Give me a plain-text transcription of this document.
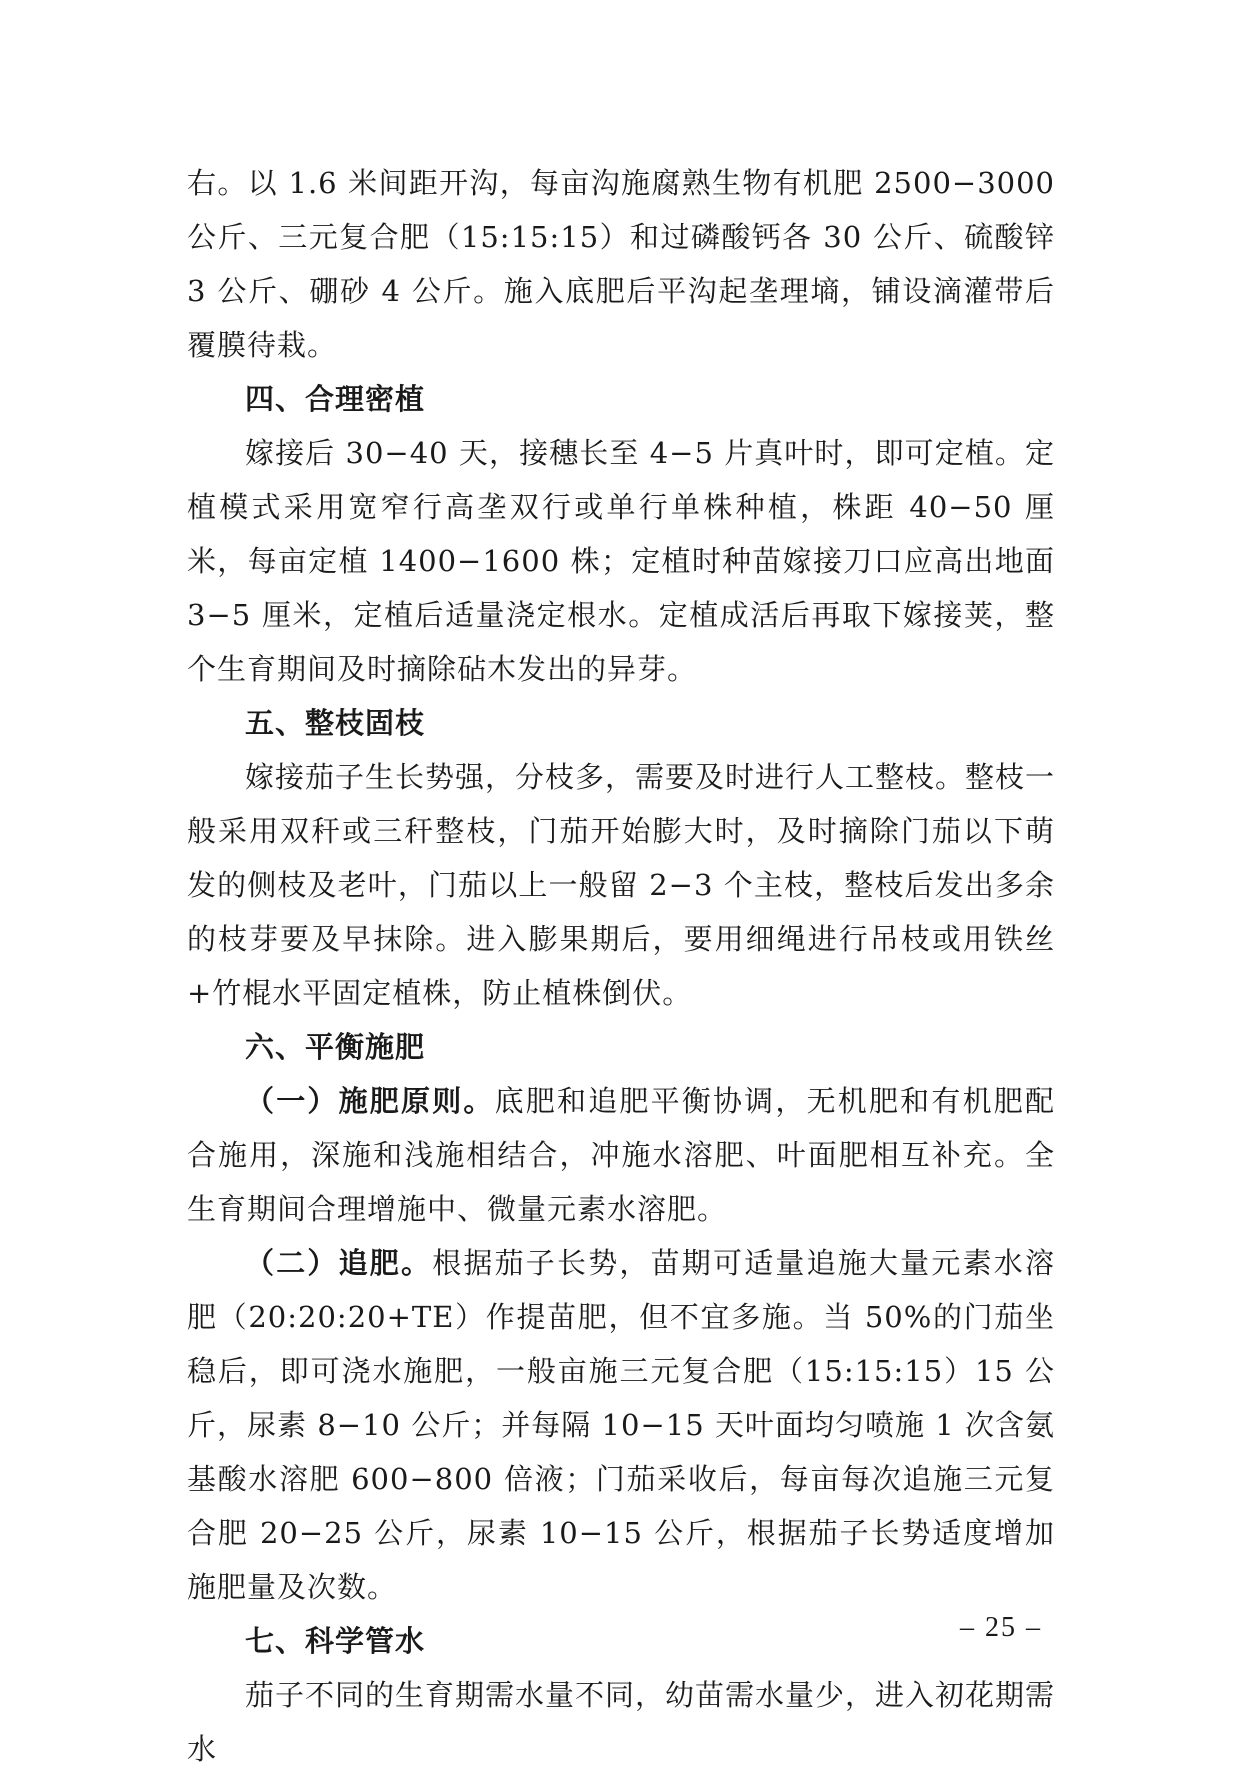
右。以 1.6 米间距开沟，每亩沟施腐熟生物有机肥 2500−3000 公斤、三元复合肥（15:15:15）和过磷酸钙各 30 公斤、硫酸锌 3 公斤、硼砂 4 公斤。施入底肥后平沟起垄理墒，铺设滴灌带后覆膜待栽。

四、合理密植

嫁接后 30−40 天，接穗长至 4−5 片真叶时，即可定植。定植模式采用宽窄行高垄双行或单行单株种植，株距 40−50 厘米，每亩定植 1400−1600 株；定植时种苗嫁接刀口应高出地面 3−5 厘米，定植后适量浇定根水。定植成活后再取下嫁接荚，整个生育期间及时摘除砧木发出的异芽。

五、整枝固枝

嫁接茄子生长势强，分枝多，需要及时进行人工整枝。整枝一般采用双秆或三秆整枝，门茄开始膨大时，及时摘除门茄以下萌发的侧枝及老叶，门茄以上一般留 2−3 个主枝，整枝后发出多余的枝芽要及早抹除。进入膨果期后，要用细绳进行吊枝或用铁丝+竹棍水平固定植株，防止植株倒伏。

六、平衡施肥

（一）施肥原则。底肥和追肥平衡协调，无机肥和有机肥配合施用，深施和浅施相结合，冲施水溶肥、叶面肥相互补充。全生育期间合理增施中、微量元素水溶肥。

（二）追肥。根据茄子长势，苗期可适量追施大量元素水溶肥（20:20:20+TE）作提苗肥，但不宜多施。当 50%的门茄坐稳后，即可浇水施肥，一般亩施三元复合肥（15:15:15）15 公斤，尿素 8−10 公斤；并每隔 10−15 天叶面均匀喷施 1 次含氨基酸水溶肥 600−800 倍液；门茄采收后，每亩每次追施三元复合肥 20−25 公斤，尿素 10−15 公斤，根据茄子长势适度增加施肥量及次数。

七、科学管水

茄子不同的生育期需水量不同，幼苗需水量少，进入初花期需水

– 25 –
